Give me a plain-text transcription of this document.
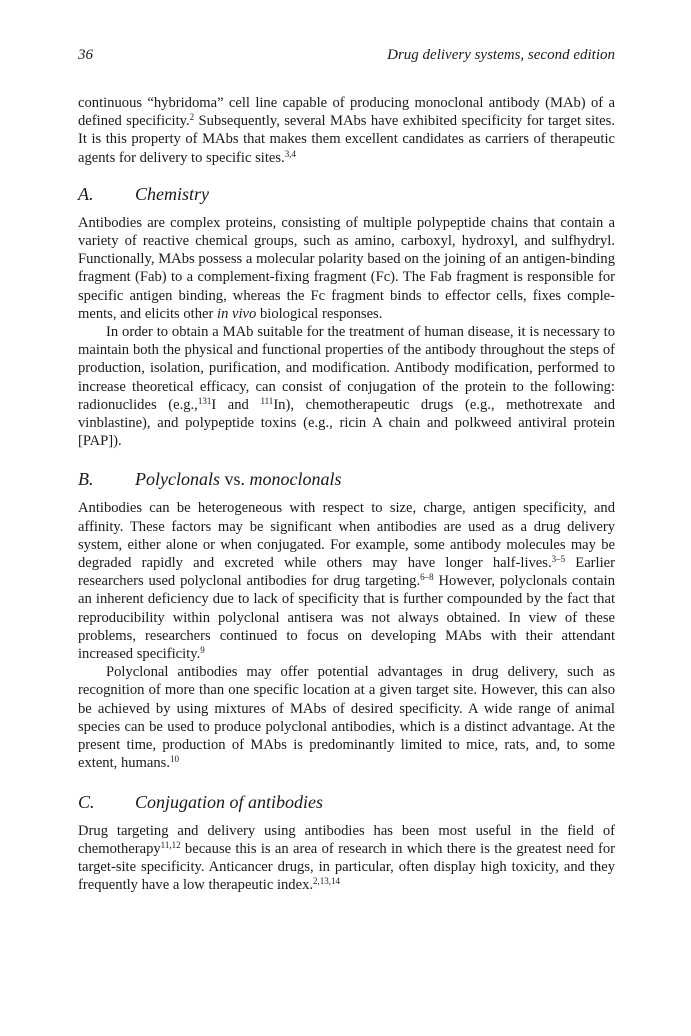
36	Drug delivery systems, second edition

continuous “hybridoma” cell line capable of producing monoclonal antibody (MAb) of a defined specificity.$^2$ Subsequently, several MAbs have exhibited specificity for target sites. It is this property of MAbs that makes them excellent candidates as carriers of therapeutic agents for delivery to specific sites.$^{3,4}$

A. Chemistry

Antibodies are complex proteins, consisting of multiple polypeptide chains that contain a variety of reactive chemical groups, such as amino, carboxyl, hydroxyl, and sulfhydryl. Functionally, MAbs possess a molecular polarity based on the joining of an antigen-binding fragment (Fab) to a complement-fixing fragment (Fc). The Fab fragment is responsible for specific antigen binding, whereas the Fc fragment binds to effector cells, fixes complements, and elicits other in vivo biological responses.

In order to obtain a MAb suitable for the treatment of human disease, it is necessary to maintain both the physical and functional properties of the antibody throughout the steps of production, isolation, purification, and modification. Antibody modification, performed to increase theoretical efficacy, can consist of conjugation of the protein to the following: radionuclides (e.g.,$^{131}$I and $^{111}$In), chemotherapeutic drugs (e.g., methotrexate and vinblastine), and polypeptide toxins (e.g., ricin A chain and polkweed antiviral protein [PAP]).

B. Polyclonals vs. monoclonals

Antibodies can be heterogeneous with respect to size, charge, antigen specificity, and affinity. These factors may be significant when antibodies are used as a drug delivery system, either alone or when conjugated. For example, some antibody molecules may be degraded rapidly and excreted while others may have longer half-lives.$^{3-5}$ Earlier researchers used polyclonal antibodies for drug targeting.$^{6-8}$ However, polyclonals contain an inherent deficiency due to lack of specificity that is further compounded by the fact that reproducibility within polyclonal antisera was not always obtained. In view of these problems, researchers continued to focus on developing MAbs with their attendant increased specificity.$^9$

Polyclonal antibodies may offer potential advantages in drug delivery, such as recognition of more than one specific location at a given target site. However, this can also be achieved by using mixtures of MAbs of desired specificity. A wide range of animal species can be used to produce polyclonal antibodies, which is a distinct advantage. At the present time, production of MAbs is predominantly limited to mice, rats, and, to some extent, humans.$^{10}$

C. Conjugation of antibodies

Drug targeting and delivery using antibodies has been most useful in the field of chemotherapy$^{11,12}$ because this is an area of research in which there is the greatest need for target-site specificity. Anticancer drugs, in particular, often display high toxicity, and they frequently have a low therapeutic index.$^{2,13,14}$
